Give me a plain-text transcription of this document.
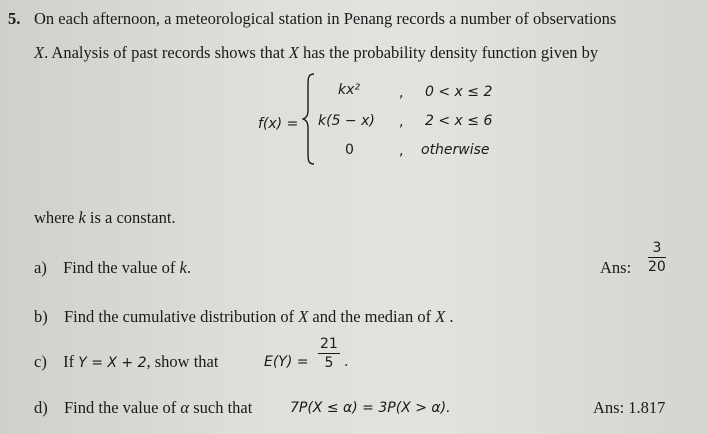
5. On each afternoon, a meteorological station in Penang records a number of observations
X. Analysis of past records shows that X has the probability density function given by
f(x) =
kx²	, 0 < x ≤ 2
k(5 − x) , 2 < x ≤ 6
0	, otherwise
where k is a constant.
a) Find the value of k.	Ans: $\frac{3}{20}$
b) Find the cumulative distribution of X and the median of X .
c) If Y = X + 2, show that	$E(Y) = \frac{21}{5}$ .
d) Find the value of α such that	7P(X ≤ α) = 3P(X > α).	Ans: 1.817
